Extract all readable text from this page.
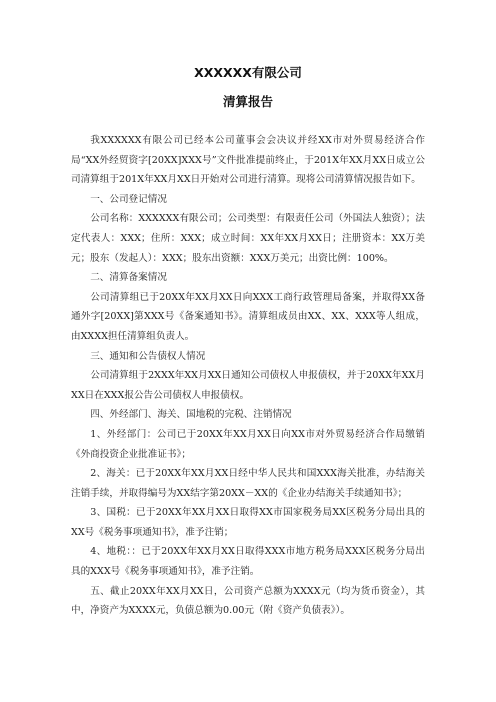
XXXXXX有限公司
清算报告

我XXXXXX有限公司已经本公司董事会会决议并经XX市对外贸易经济合作局“XX外经贸资字[20XX]XXX号”文件批准提前终止，于201X年XX月XX日成立公司清算组于201X年XX月XX日开始对公司进行清算。现将公司清算情况报告如下。

一、公司登记情况

公司名称：XXXXXX有限公司；公司类型：有限责任公司（外国法人独资）；法定代表人：XXX；住所：XXX；成立时间：XX年XX月XX日；注册资本：XX万美元；股东（发起人）：XXX；股东出资额：XXX万美元；出资比例：100%。

二、清算备案情况

公司清算组已于20XX年XX月XX日向XXX工商行政管理局备案，并取得XX备通外字[20XX]第XXX号《备案通知书》。清算组成员由XX、XX、XXX等人组成，由XXXX担任清算组负责人。

三、通知和公告债权人情况

公司清算组于2XXX年XX月XX日通知公司债权人申报债权，并于20XX年XX月XX日在XXX报公告公司债权人申报债权。

四、外经部门、海关、国地税的完税、注销情况

1、外经部门：公司已于20XX年XX月XX日向XX市对外贸易经济合作局缴销《外商投资企业批准证书》；

2、海关：已于20XX年XX月XX日经中华人民共和国XXX海关批准，办结海关注销手续，并取得编号为XX结字第20XX－XX的《企业办结海关手续通知书》；

3、国税：已于20XX年XX月XX日取得XX市国家税务局XX区税务分局出具的XX号《税务事项通知书》，准予注销；

4、地税：：已于20XX年XX月XX日取得XXX市地方税务局XXX区税务分局出具的XXX号《税务事项通知书》，准予注销。

五、截止20XX年XX月XX日，公司资产总额为XXXX元（均为货币资金），其中，净资产为XXXX元，负债总额为0.00元（附《资产负债表》）。
